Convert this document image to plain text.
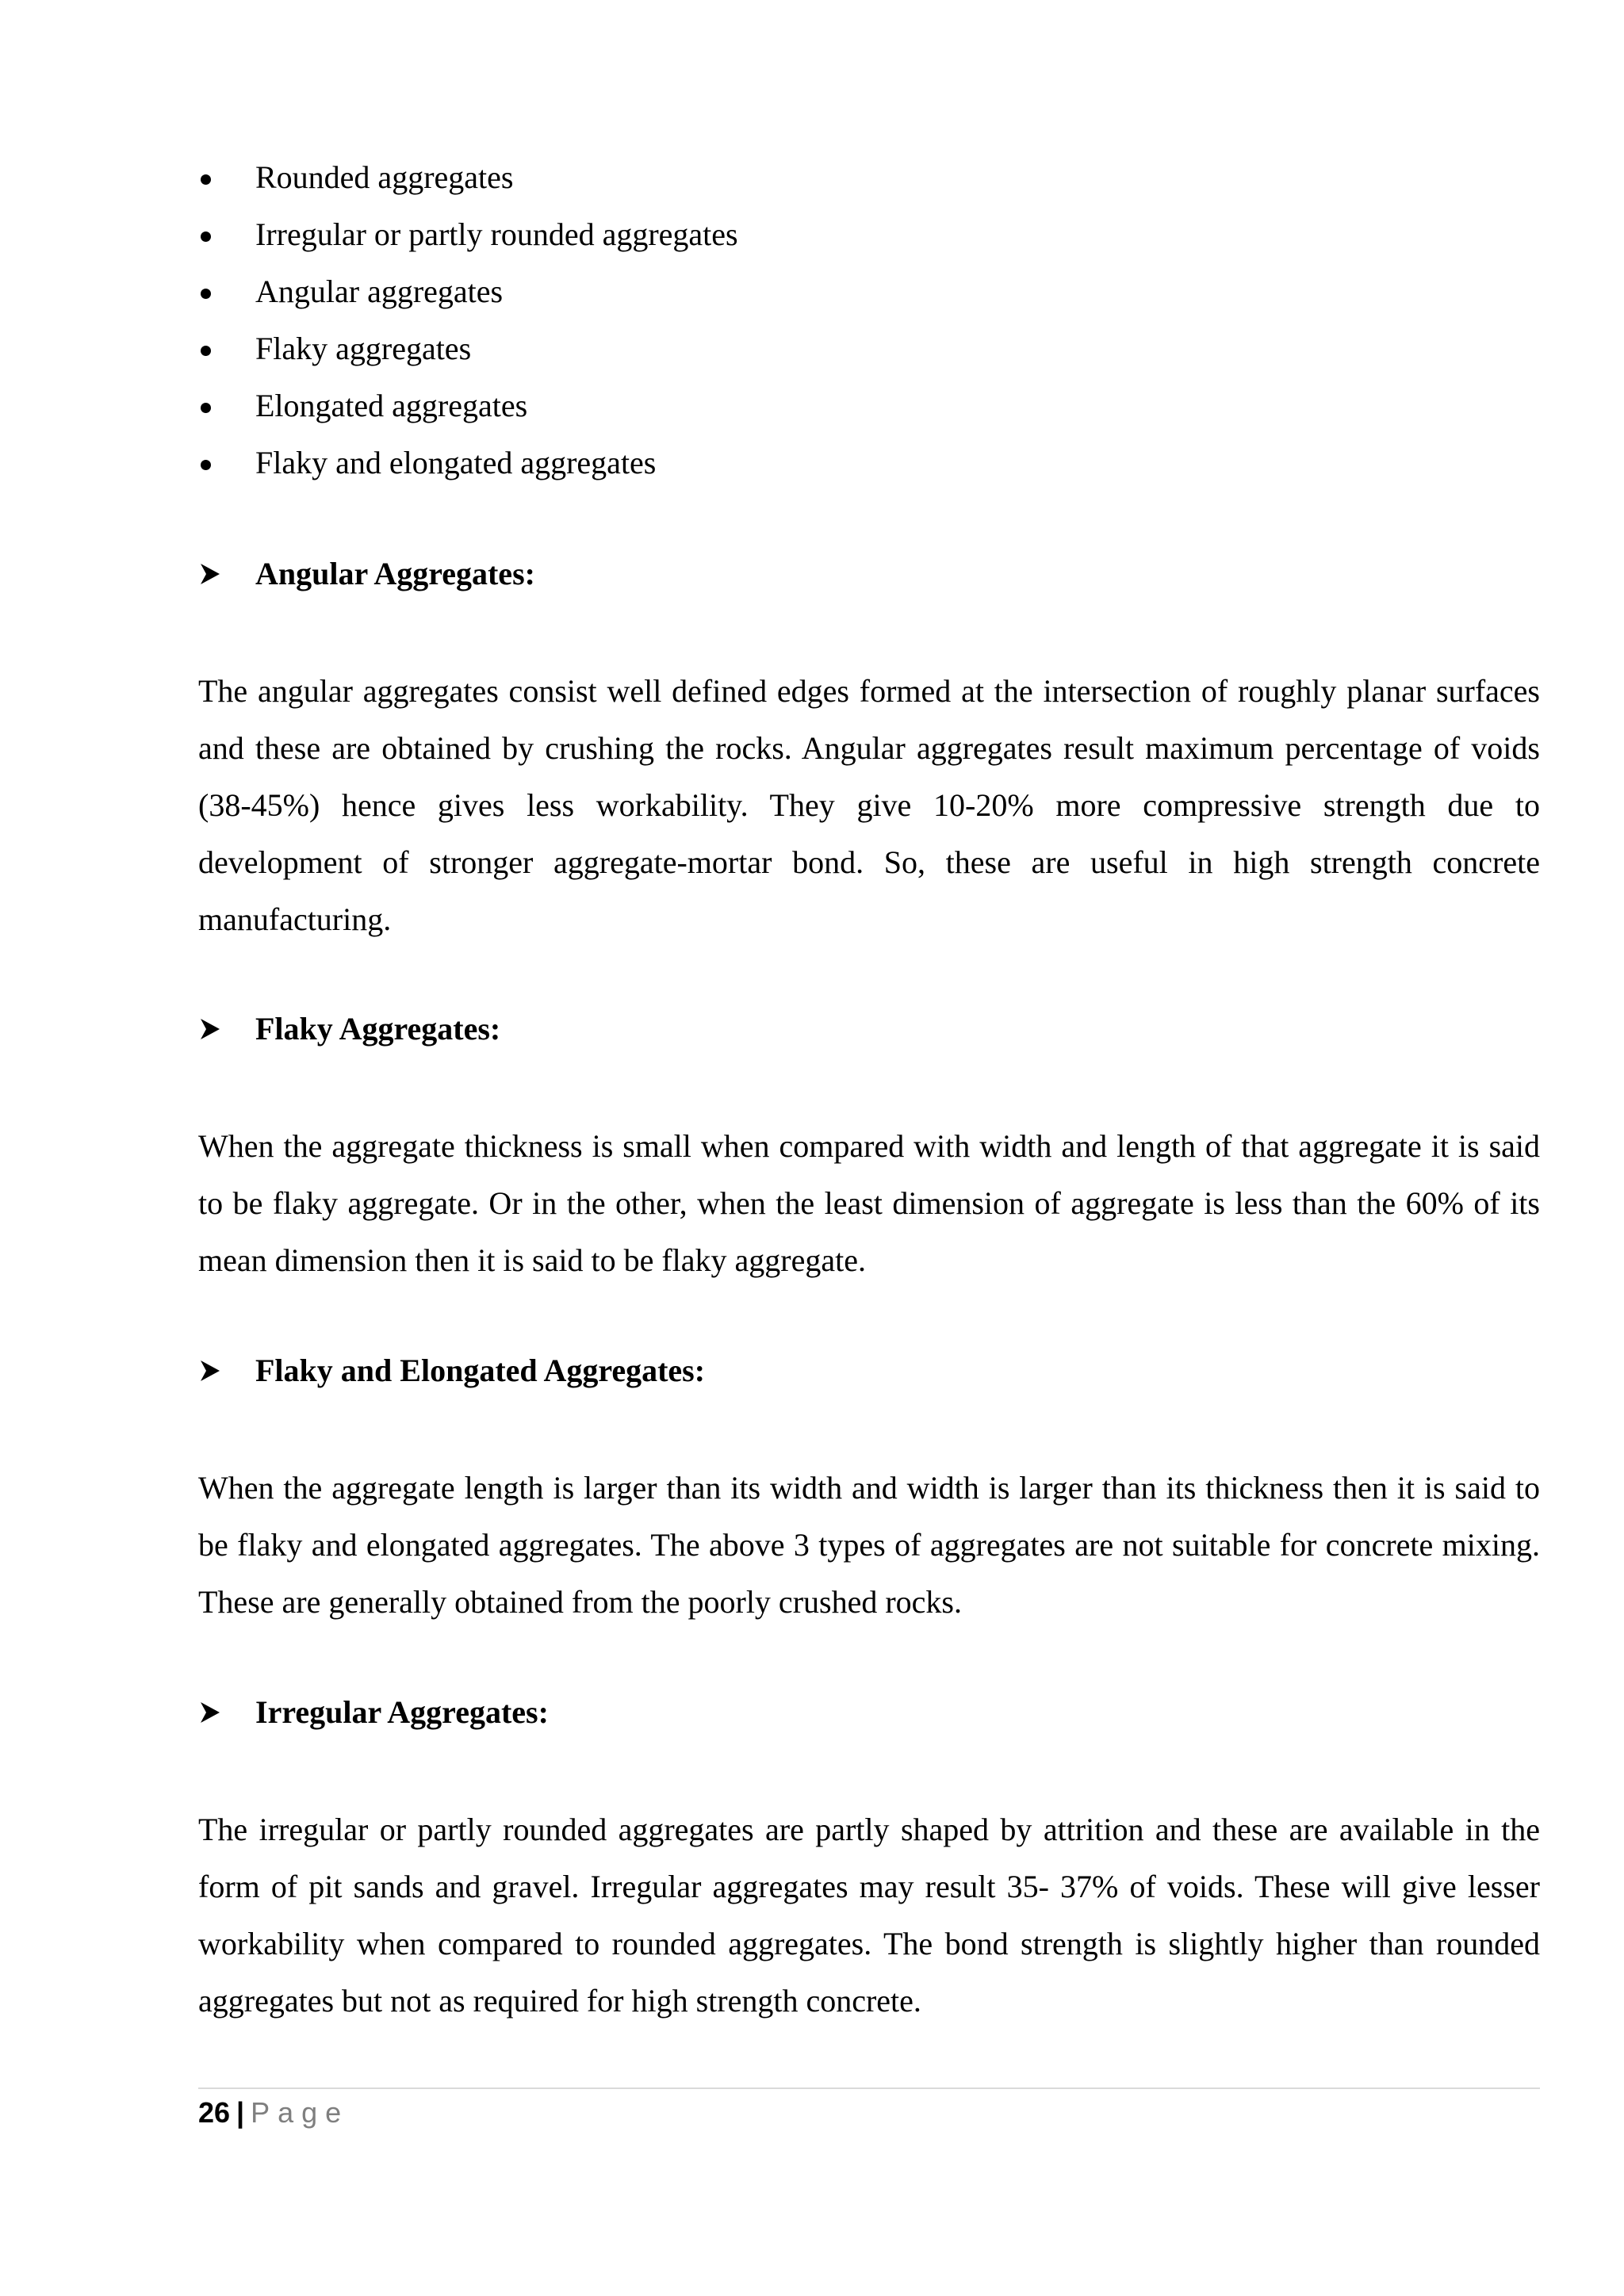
Rounded aggregates
Irregular or partly rounded aggregates
Angular aggregates
Flaky aggregates
Elongated aggregates
Flaky and elongated aggregates
Angular Aggregates:

The angular aggregates consist well defined edges formed at the intersection of roughly planar surfaces and these are obtained by crushing the rocks. Angular aggregates result maximum percentage of voids (38-45%) hence gives less workability. They give 10-20% more compressive strength due to development of stronger aggregate-mortar bond. So, these are useful in high strength concrete manufacturing.

Flaky Aggregates:

When the aggregate thickness is small when compared with width and length of that aggregate it is said to be flaky aggregate. Or in the other, when the least dimension of aggregate is less than the 60% of its mean dimension then it is said to be flaky aggregate.

Flaky and Elongated Aggregates:

When the aggregate length is larger than its width and width is larger than its thickness then it is said to be flaky and elongated aggregates. The above 3 types of aggregates are not suitable for concrete mixing. These are generally obtained from the poorly crushed rocks.

Irregular Aggregates:

The irregular or partly rounded aggregates are partly shaped by attrition and these are available in the form of pit sands and gravel. Irregular aggregates may result 35- 37% of voids. These will give lesser workability when compared to rounded aggregates. The bond strength is slightly higher than rounded aggregates but not as required for high strength concrete.

26 | Page
